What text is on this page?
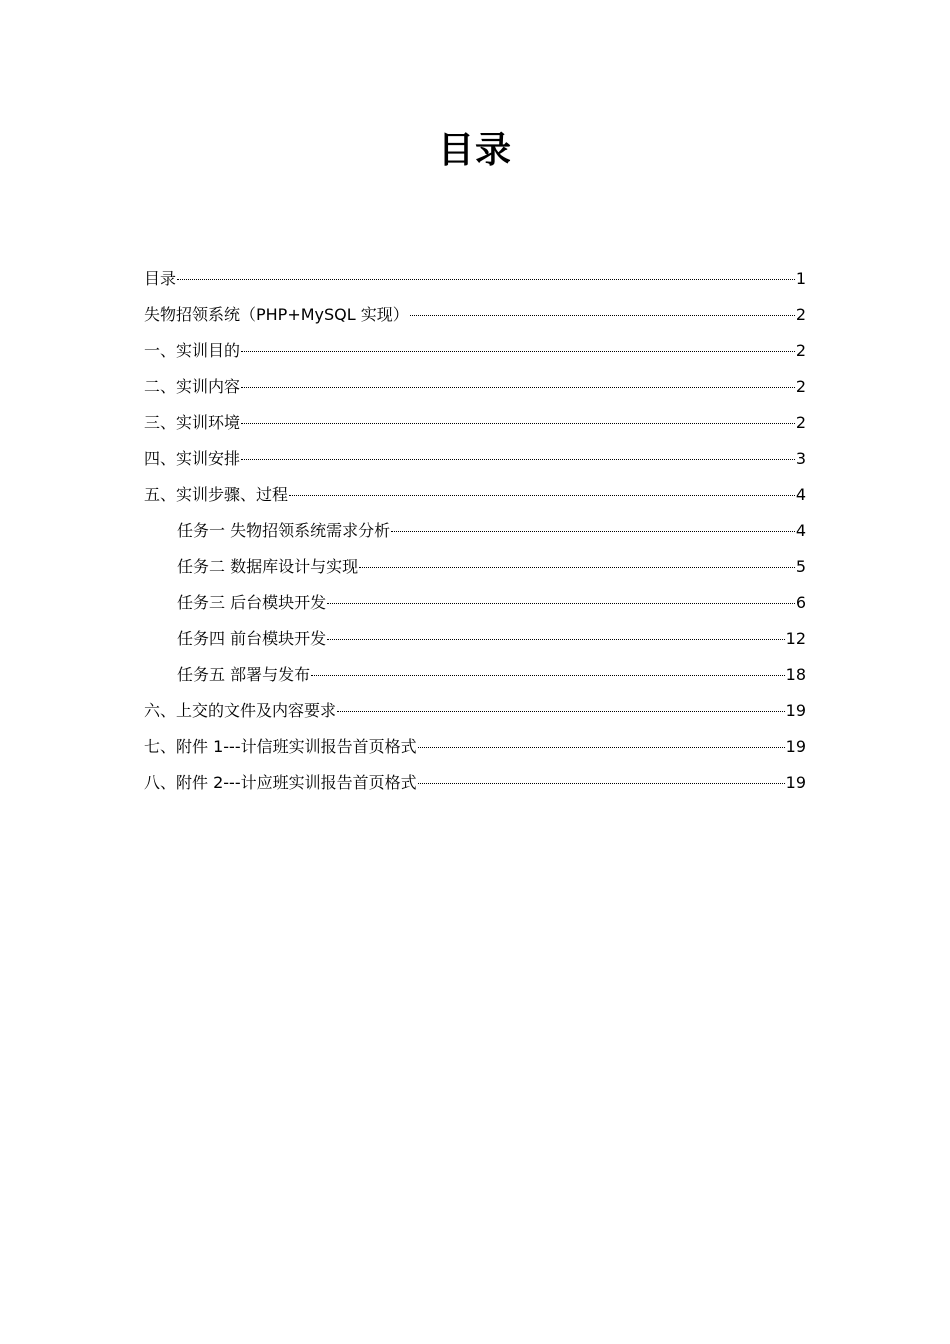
目录
目录	1
失物招领系统（PHP+MySQL 实现）	2
一、实训目的	2
二、实训内容	2
三、实训环境	2
四、实训安排	3
五、实训步骤、过程	4
任务一 失物招领系统需求分析	4
任务二 数据库设计与实现	5
任务三 后台模块开发	6
任务四 前台模块开发	12
任务五 部署与发布	18
六、上交的文件及内容要求	19
七、附件 1---计信班实训报告首页格式	19
八、附件 2---计应班实训报告首页格式	19
